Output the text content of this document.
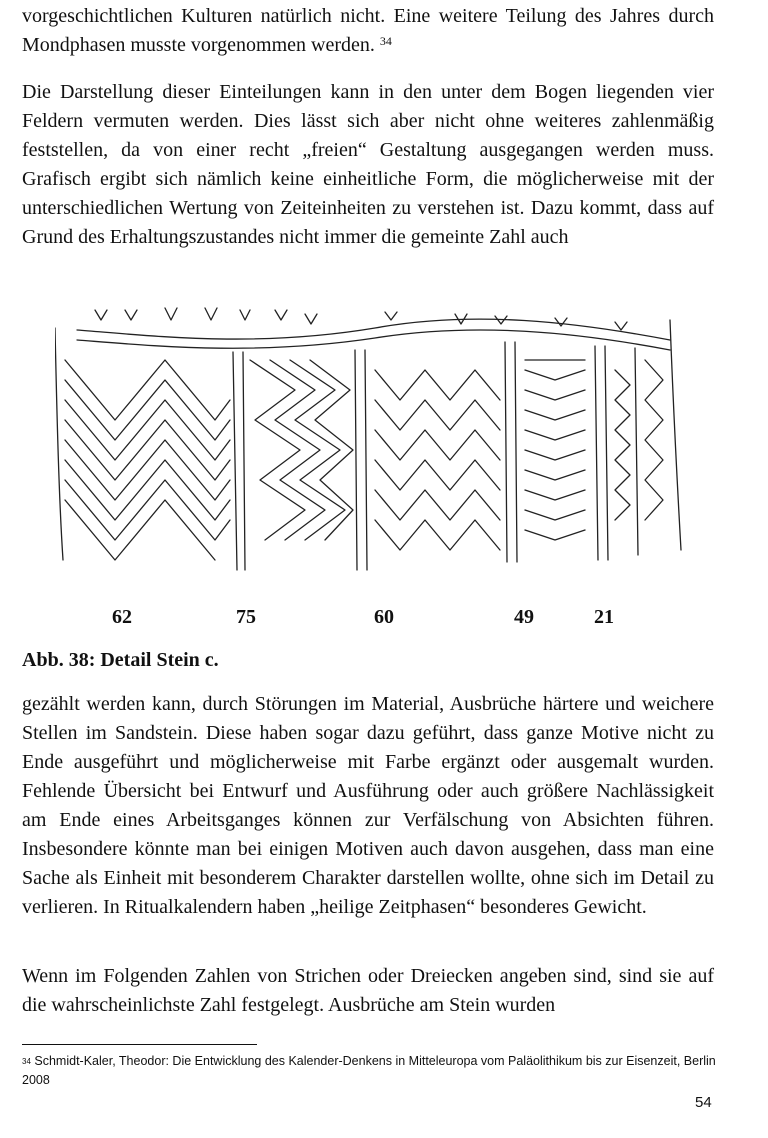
vorgeschichtlichen Kulturen natürlich nicht. Eine weitere Teilung des Jahres durch Mondphasen musste vorgenommen werden. $^{34}$

Die Darstellung dieser Einteilungen kann in den unter dem Bogen liegenden vier Feldern vermuten werden. Dies lässt sich aber nicht ohne weiteres zahlenmäßig feststellen, da von einer recht „freien“ Gestaltung ausgegangen werden muss. Grafisch ergibt sich nämlich keine einheitliche Form, die möglicherweise mit der unterschiedlichen Wertung von Zeiteinheiten zu verstehen ist. Dazu kommt, dass auf Grund des Erhaltungszustandes nicht immer die gemeinte Zahl auch

62	75	60	49	21
Abb. 38: Detail Stein c.

gezählt werden kann, durch Störungen im Material, Ausbrüche härtere und weichere Stellen im Sandstein. Diese haben sogar dazu geführt, dass ganze Motive nicht zu Ende ausgeführt und möglicherweise mit Farbe ergänzt oder ausgemalt wurden. Fehlende Übersicht bei Entwurf und Ausführung oder auch größere Nachlässigkeit am Ende eines Arbeitsganges können zur Verfälschung von Absichten führen. Insbesondere könnte man bei einigen Motiven auch davon ausgehen, dass man eine Sache als Einheit mit besonderem Charakter darstellen wollte, ohne sich im Detail zu verlieren. In Ritualkalendern haben „heilige Zeitphasen“ besonderes Gewicht.

Wenn im Folgenden Zahlen von Strichen oder Dreiecken angeben sind, sind sie auf die wahrscheinlichste Zahl festgelegt. Ausbrüche am Stein wurden

$^{34}$ Schmidt-Kaler, Theodor: Die Entwicklung des Kalender-Denkens in Mitteleuropa vom Paläolithikum bis zur Eisenzeit, Berlin 2008
54
